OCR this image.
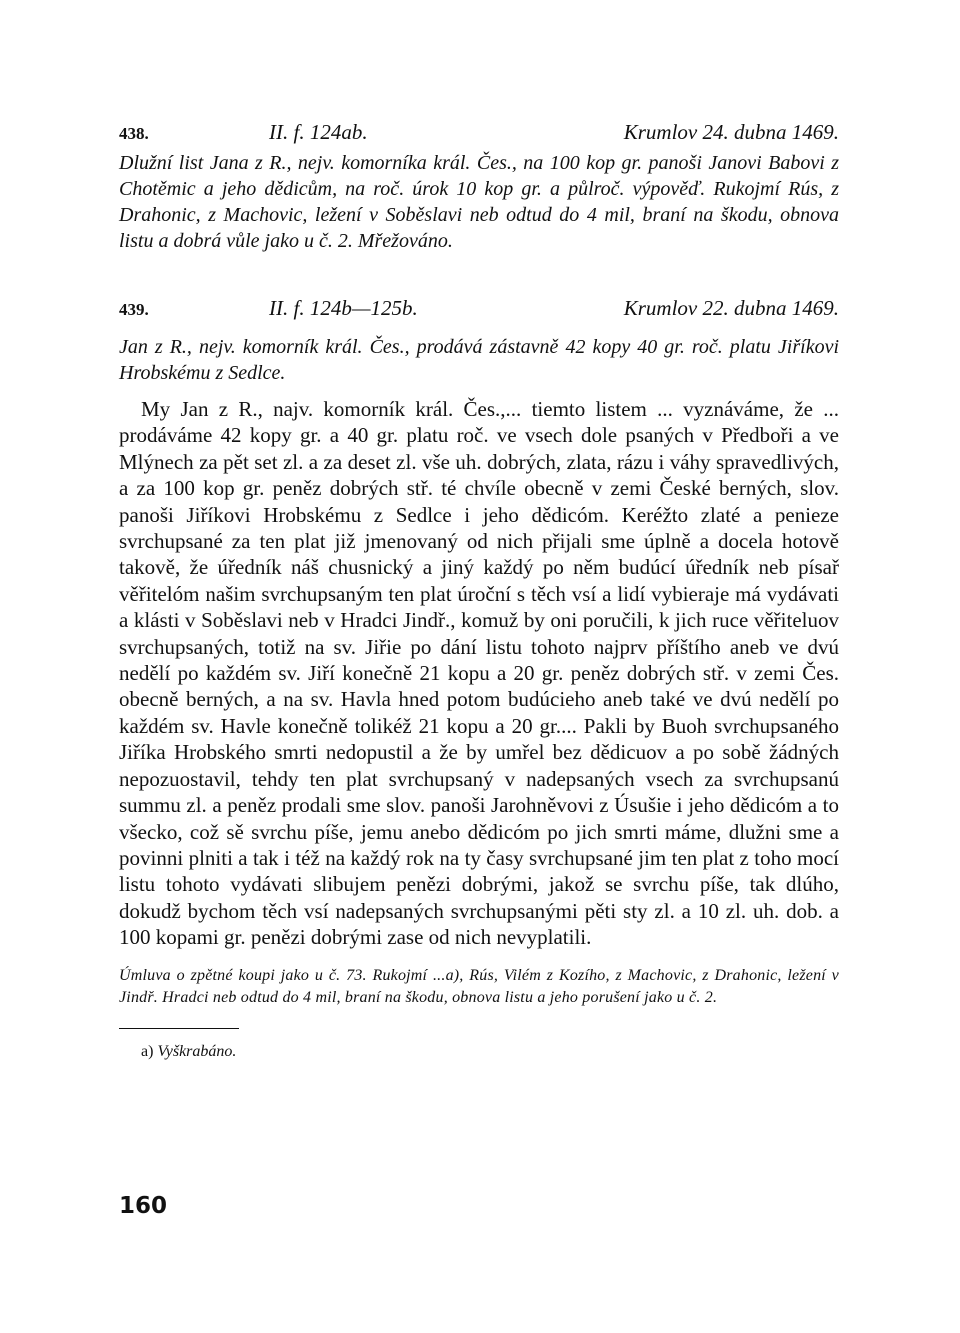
438.	II. f. 124ab.	Krumlov 24. dubna 1469.
Dlužní list Jana z R., nejv. komorníka král. Čes., na 100 kop gr. panoši Janovi Babovi z Chotěmic a jeho dědicům, na roč. úrok 10 kop gr. a půlroč. výpověď. Rukojmí Rús, z Drahonic, z Machovic, ležení v Soběslavi neb odtud do 4 mil, braní na škodu, obnova listu a dobrá vůle jako u č. 2. Mřežováno.
439.	II. f. 124b—125b.	Krumlov 22. dubna 1469.
Jan z R., nejv. komorník král. Čes., prodává zástavně 42 kopy 40 gr. roč. platu Jiříkovi Hrobskému z Sedlce.
My Jan z R., najv. komorník král. Čes.,... tiemto listem ... vyznáváme, že ... prodáváme 42 kopy gr. a 40 gr. platu roč. ve vsech dole psaných v Předboři a ve Mlýnech za pět set zl. a za deset zl. vše uh. dobrých, zlata, rázu i váhy spravedlivých, a za 100 kop gr. peněz dobrých stř. té chvíle obecně v zemi České berných, slov. panoši Jiříkovi Hrobskému z Sedlce i jeho dědicóm. Keréžto zlaté a penieze svrchupsané za ten plat již jmenovaný od nich přijali sme úplně a docela hotově takově, že úředník náš chusnický a jiný každý po něm budúcí úředník neb písař věřitelóm našim svrchupsaným ten plat úroční s těch vsí a lidí vybieraje má vydávati a klásti v Soběslavi neb v Hradci Jindř., komuž by oni poručili, k jich ruce věřiteluov svrchupsaných, totiž na sv. Jiřie po dání listu tohoto najprv příštího aneb ve dvú nedělí po každém sv. Jiří konečně 21 kopu a 20 gr. peněz dobrých stř. v zemi Čes. obecně berných, a na sv. Havla hned potom budúcieho aneb také ve dvú nedělí po každém sv. Havle konečně tolikéž 21 kopu a 20 gr.... Pakli by Buoh svrchupsaného Jiříka Hrobského smrti nedopustil a že by umřel bez dědicuov a po sobě žádných nepozuostavil, tehdy ten plat svrchupsaný v nadepsaných vsech za svrchupsanú summu zl. a peněz prodali sme slov. panoši Jarohněvovi z Úsušie i jeho dědicóm a to všecko, což sě svrchu píše, jemu anebo dědicóm po jich smrti máme, dlužni sme a povinni plniti a tak i též na každý rok na ty časy svrchupsané jim ten plat z toho mocí listu tohoto vydávati slibujem penězi dobrými, jakož se svrchu píše, tak dlúho, dokudž bychom těch vsí nadepsaných svrchupsanými pěti sty zl. a 10 zl. uh. dob. a 100 kopami gr. penězi dobrými zase od nich nevyplatili.
Úmluva o zpětné koupi jako u č. 73. Rukojmí ...a), Rús, Vilém z Kozího, z Machovic, z Drahonic, ležení v Jindř. Hradci neb odtud do 4 mil, braní na škodu, obnova listu a jeho porušení jako u č. 2.
a) Vyškrabáno.
160
